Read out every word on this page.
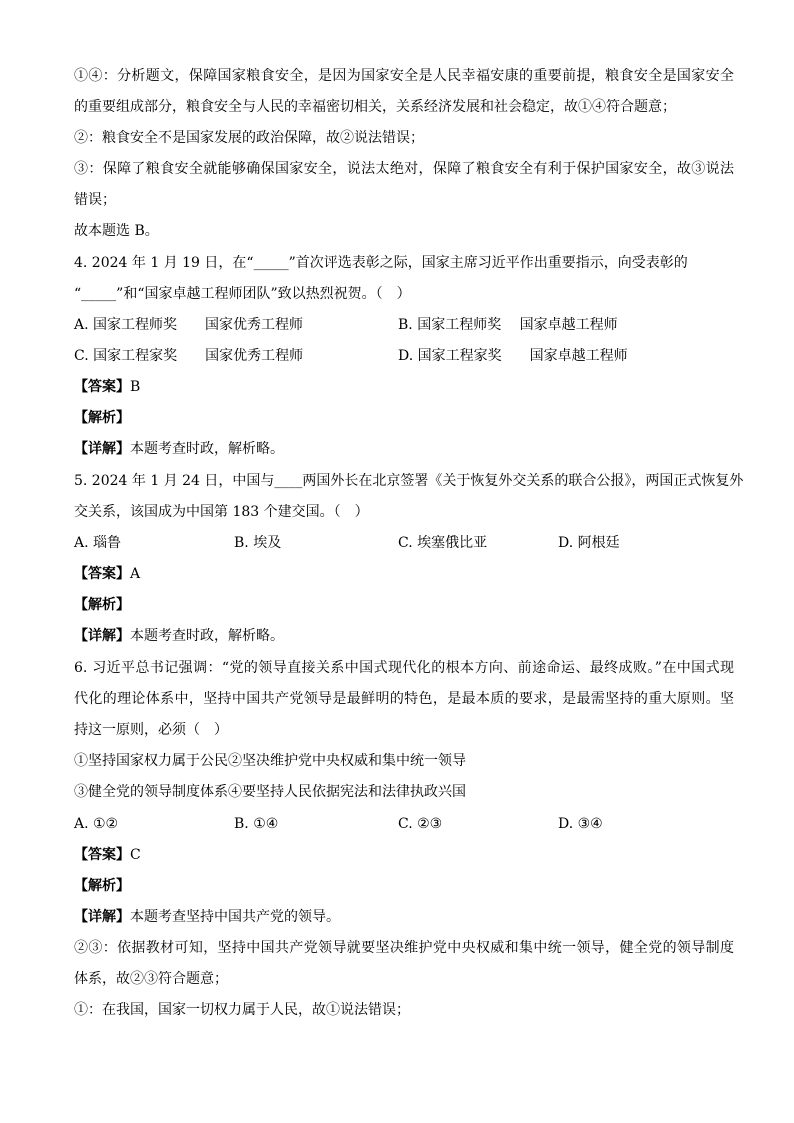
①④：分析题文，保障国家粮食安全，是因为国家安全是人民幸福安康的重要前提，粮食安全是国家安全
的重要组成部分，粮食安全与人民的幸福密切相关，关系经济发展和社会稳定，故①④符合题意；
②：粮食安全不是国家发展的政治保障，故②说法错误；
③：保障了粮食安全就能够确保国家安全，说法太绝对，保障了粮食安全有利于保护国家安全，故③说法
错误；
故本题选 B。
4. 2024 年 1 月 19 日，在“_____”首次评选表彰之际，国家主席习近平作出重要指示，向受表彰的
“_____”和“国家卓越工程师团队”致以热烈祝贺。（　）
A. 国家工程师奖　　国家优秀工程师	B. 国家工程师奖　 国家卓越工程师
C. 国家工程家奖　　国家优秀工程师	D. 国家工程家奖　　国家卓越工程师
【答案】B
【解析】
【详解】本题考查时政，解析略。
5. 2024 年 1 月 24 日，中国与____两国外长在北京签署《关于恢复外交关系的联合公报》，两国正式恢复外
交关系，该国成为中国第 183 个建交国。（　）
A. 瑙鲁	B. 埃及	C. 埃塞俄比亚	D. 阿根廷
【答案】A
【解析】
【详解】本题考查时政，解析略。
6. 习近平总书记强调：“党的领导直接关系中国式现代化的根本方向、前途命运、最终成败。”在中国式现
代化的理论体系中，坚持中国共产党领导是最鲜明的特色，是最本质的要求，是最需坚持的重大原则。坚
持这一原则，必须（　）
①坚持国家权力属于公民②坚决维护党中央权威和集中统一领导
③健全党的领导制度体系④要坚持人民依据宪法和法律执政兴国
A. ①②	B. ①④	C. ②③	D. ③④
【答案】C
【解析】
【详解】本题考查坚持中国共产党的领导。
②③：依据教材可知，坚持中国共产党领导就要坚决维护党中央权威和集中统一领导，健全党的领导制度
体系，故②③符合题意；
①：在我国，国家一切权力属于人民，故①说法错误；
